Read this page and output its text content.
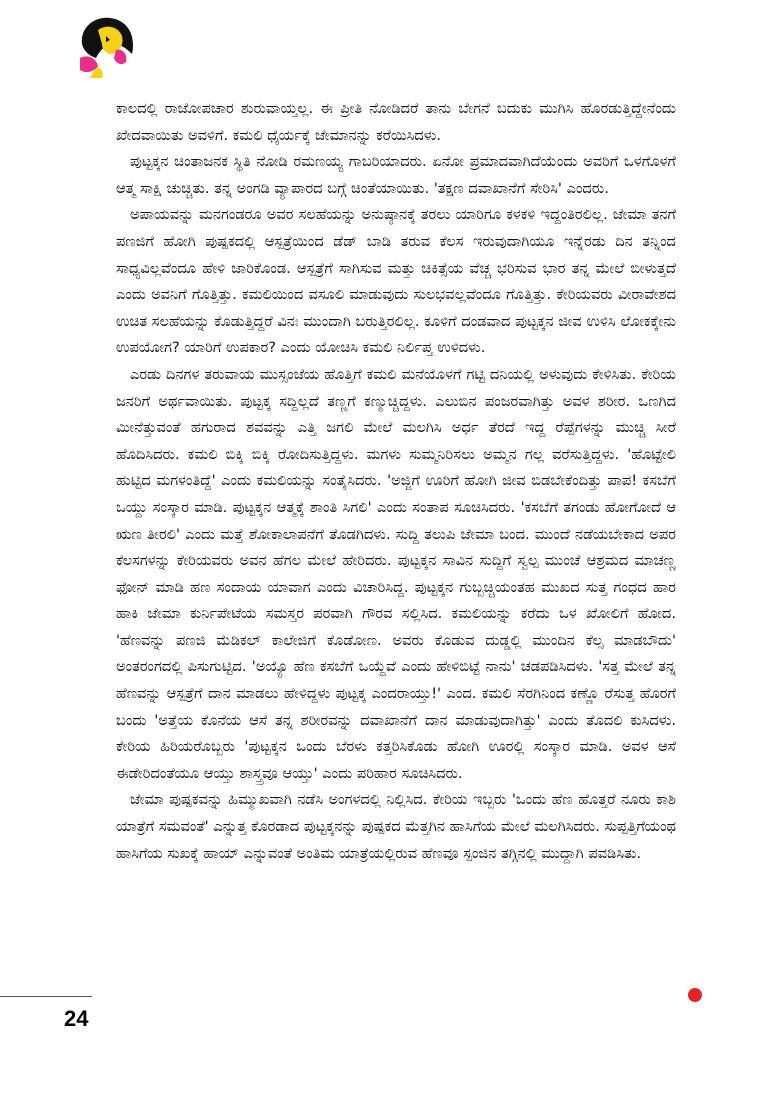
ಕಾಲದಲ್ಲಿ ರಾಜೋಪಚಾರ ಶುರುವಾಯ್ತಲ್ಲ. ಈ ಪ್ರೀತಿ ನೋಡಿದರೆ ತಾನು ಬೇಗನೆ ಬದುಕು ಮುಗಿಸಿ ಹೊರಡುತ್ತಿದ್ದೇನೆಂದು ಖೇದವಾಯಿತು ಅವಳಿಗೆ. ಕಮಲಿ ಧೈರ್ಯಕ್ಕೆ ಜೇಮಾನನ್ನು ಕರೆಯಿಸಿದಳು.

ಪುಟ್ಟಕ್ಕನ ಚಿಂತಾಜನಕ ಸ್ಥಿತಿ ನೋಡಿ ರಮಣಯ್ಯ ಗಾಬರಿಯಾದರು. ಏನೋ ಪ್ರಮಾದವಾಗಿದೆಯೆಂದು ಅವರಿಗೆ ಒಳಗೊಳಗೆ ಆತ್ಮ ಸಾಕ್ಷಿ ಚುಚ್ಚಿತು. ತನ್ನ ಅಂಗಡಿ ವ್ಯಾಪಾರದ ಬಗ್ಗೆ ಚಿಂತೆಯಾಯಿತು. 'ತಕ್ಷಣ ದವಾಖಾನೆಗೆ ಸೇರಿಸಿ' ಎಂದರು.

ಅಪಾಯವನ್ನು ಮನಗಂಡರೂ ಅವರ ಸಲಹೆಯನ್ನು ಅನುಷ್ಠಾನಕ್ಕೆ ತರಲು ಯಾರಿಗೂ ಕಳಕಳಿ ಇದ್ದಂತಿರಲಿಲ್ಲ. ಜೇಮಾ ತನಗೆ ಪಣಜಿಗೆ ಹೋಗಿ ಪುಷ್ಪಕದಲ್ಲಿ ಆಸ್ಪತ್ರೆಯಿಂದ ಡೆಡ್ ಬಾಡಿ ತರುವ ಕೆಲಸ ಇರುವುದಾಗಿಯೂ ಇನ್ನೆರಡು ದಿನ ತನ್ನಿಂದ ಸಾಧ್ಯವಿಲ್ಲವೆಂದೂ ಹೇಳಿ ಜಾರಿಕೊಂಡ. ಆಸ್ಪತ್ರೆಗೆ ಸಾಗಿಸುವ ಮತ್ತು ಚಿಕಿತ್ಸೆಯ ವೆಚ್ಚ ಭರಿಸುವ ಭಾರ ತನ್ನ ಮೇಲೆ ಬೀಳುತ್ತದೆ ಎಂದು ಅವನಿಗೆ ಗೊತ್ತಿತ್ತು. ಕಮಲಿಯಿಂದ ವಸೂಲಿ ಮಾಡುವುದು ಸುಲಭವಲ್ಲವೆಂದೂ ಗೊತ್ತಿತ್ತು. ಕೇರಿಯವರು ವೀರಾವೇಶದ ಉಚಿತ ಸಲಹೆಯನ್ನು ಕೊಡುತ್ತಿದ್ದರೆ ವಿನಃ ಮುಂದಾಗಿ ಬರುತ್ತಿರಲಿಲ್ಲ. ಕೂಳಿಗೆ ದಂಡವಾದ ಪುಟ್ಟಕ್ಕನ ಜೀವ ಉಳಿಸಿ ಲೋಕಕ್ಕೇನು ಉಪಯೋಗ? ಯಾರಿಗೆ ಉಪಕಾರ? ಎಂದು ಯೋಚಿಸಿ ಕಮಲಿ ನಿರ್ಲಿಪ್ತ ಉಳಿದಳು.

ಎರಡು ದಿನಗಳ ತರುವಾಯ ಮುಸ್ಸಂಜೆಯ ಹೊತ್ತಿಗೆ ಕಮಲಿ ಮನೆಯೊಳಗೆ ಗಟ್ಟಿ ದನಿಯಲ್ಲಿ ಅಳುವುದು ಕೇಳಿಸಿತು. ಕೇರಿಯ ಜನರಿಗೆ ಅರ್ಥವಾಯಿತು. ಪುಟ್ಟಕ್ಕ ಸದ್ದಿಲ್ಲದೆ ತಣ್ಣಗೆ ಕಣ್ಮುಚ್ಚಿದ್ದಳು. ಎಲುಬಿನ ಪಂಜರವಾಗಿತ್ತು ಅವಳ ಶರೀರ. ಒಣಗಿದ ಮೀನೆತ್ತುವಂತೆ ಹಗುರಾದ ಶವವನ್ನು ಎತ್ತಿ ಜಗಲಿ ಮೇಲೆ ಮಲಗಿಸಿ ಅರ್ಧ ತೆರದೆ ಇದ್ದ ರೆಪ್ಪೆಗಳನ್ನು ಮುಚ್ಚಿ ಸೀರೆ ಹೊದಿಸಿದರು. ಕಮಲಿ ಬಿಕ್ಕಿ ಬಿಕ್ಕಿ ರೋದಿಸುತ್ತಿದ್ದಳು. ಮಗಳು ಸುಮ್ಮನಿರಿಸಲು ಅಮ್ಮನ ಗಲ್ಲ ವರೆಸುತ್ತಿದ್ದಳು. 'ಹೊಟ್ಟೇಲಿ ಹುಟ್ಟಿದ ಮಗಳಂತಿದ್ದೆ' ಎಂದು ಕಮಲಿಯನ್ನು ಸಂತೈಸಿದರು. 'ಅಜ್ಜಿಗೆ ಊರಿಗೆ ಹೋಗಿ ಜೀವ ಬಿಡಬೇಕೆಂದಿತ್ತು ಪಾಪ! ಕಸಬೆಗೆ ಒಯ್ದು ಸಂಸ್ಕಾರ ಮಾಡಿ. ಪುಟ್ಟಕ್ಕನ ಆತ್ಮಕ್ಕೆ ಶಾಂತಿ ಸಿಗಲಿ' ಎಂದು ಸಂತಾಪ ಸೂಚಿಸಿದರು. 'ಕಸಬೆಗೆ ತಗಂಡು ಹೋಗೋದೆ ಆ ಋಣ ತೀರಲಿ' ಎಂದು ಮತ್ತೆ ಶೋಕಾಲಾಪನೆಗೆ ತೊಡಗಿದಳು. ಸುದ್ದಿ ತಲುಪಿ ಜೇಮಾ ಬಂದ. ಮುಂದೆ ನಡೆಯಬೇಕಾದ ಅಪರ ಕೆಲಸಗಳನ್ನು ಕೇರಿಯವರು ಅವನ ಹೆಗಲ ಮೇಲೆ ಹೇರಿದರು. ಪುಟ್ಟಕ್ಕನ ಸಾವಿನ ಸುದ್ದಿಗೆ ಸ್ವಲ್ಪ ಮುಂಚೆ ಆಶ್ರಮದ ಮಾಚಣ್ಣ ಫೋನ್ ಮಾಡಿ ಹಣ ಸಂದಾಯ ಯಾವಾಗ ಎಂದು ವಿಚಾರಿಸಿದ್ದ. ಪುಟ್ಟಕ್ಕನ ಗುಬ್ಬಚ್ಚಿಯಂತಹ ಮುಖದ ಸುತ್ತ ಗಂಧದ ಹಾರ ಹಾಕಿ ಜೇಮಾ ಕುರ್ನಿಪೇಟೆಯ ಸಮಸ್ತರ ಪರವಾಗಿ ಗೌರವ ಸಲ್ಲಿಸಿದ. ಕಮಲಿಯನ್ನು ಕರೆದು ಒಳ ಖೋಲಿಗೆ ಹೋದ. 'ಹೆಣವನ್ನು ಪಣಜಿ ಮೆಡಿಕಲ್ ಕಾಲೇಜಿಗೆ ಕೊಡೋಣ. ಅವರು ಕೊಡುವ ದುಡ್ಡಲ್ಲಿ ಮುಂದಿನ ಕೆಲ್ಸ ಮಾಡಬೌದು' ಅಂತರಂಗದಲ್ಲಿ ಪಿಸುಗುಟ್ಟಿದ. 'ಅಯ್ಯೊ ಹೆಣ ಕಸಬೆಗೆ ಒಯ್ದೆವೆ ಎಂದು ಹೇಳಿಬಿಟ್ಟೆ ನಾನು' ಚಡಪಡಿಸಿದಳು. 'ಸತ್ತ ಮೇಲೆ ತನ್ನ ಹೆಣವನ್ನು ಆಸ್ಪತ್ರೆಗೆ ದಾನ ಮಾಡಲು ಹೇಳಿದ್ದಳು ಪುಟ್ಟಕ್ಕ ಎಂದರಾಯ್ತು!' ಎಂದ. ಕಮಲಿ ಸೆರಗಿನಿಂದ ಕಣ್ಣೊ ರೆಸುತ್ತ ಹೊರಗೆ ಬಂದು 'ಅತ್ತೆಯ ಕೊನೆಯ ಆಸೆ ತನ್ನ ಶರೀರವನ್ನು ದವಾಖಾನೆಗೆ ದಾನ ಮಾಡುವುದಾಗಿತ್ತು' ಎಂದು ತೊದಲಿ ಕುಸಿದಳು. ಕೇರಿಯ ಹಿರಿಯರೊಬ್ಬರು 'ಪುಟ್ಟಕ್ಕನ ಒಂದು ಬೆರಳು ಕತ್ತರಿಸಿಕೊಡು ಹೋಗಿ ಊರಲ್ಲಿ ಸಂಸ್ಕಾರ ಮಾಡಿ. ಅವಳ ಆಸೆ ಈಡೇರಿದಂತೆಯೂ ಆಯ್ತು ಶಾಸ್ತ್ರವೂ ಆಯ್ತು' ಎಂದು ಪರಿಹಾರ ಸೂಚಿಸಿದರು.

ಜೇಮಾ ಪುಷ್ಪಕವನ್ನು ಹಿಮ್ಮುಖವಾಗಿ ನಡೆಸಿ ಅಂಗಳದಲ್ಲಿ ನಿಲ್ಲಿಸಿದ. ಕೇರಿಯ ಇಬ್ಬರು 'ಒಂದು ಹೆಣ ಹೊತ್ತರೆ ನೂರು ಕಾಶಿ ಯಾತ್ರೆಗೆ ಸಮವಂತೆ' ಎನ್ನುತ್ತ ಕೊರಡಾದ ಪುಟ್ಟಕ್ಕನನ್ನು ಪುಷ್ಪಕದ ಮೆತ್ತಗಿನ ಹಾಸಿಗೆಯ ಮೇಲೆ ಮಲಗಿಸಿದರು. ಸುಪ್ಪತ್ತಿಗೆಯಂಥ ಹಾಸಿಗೆಯ ಸುಖಕ್ಕೆ ಹಾಯ್ ಎನ್ನುವಂತೆ ಅಂತಿಮ ಯಾತ್ರೆಯಲ್ಲಿರುವ ಹೆಣವೂ ಸ್ಪಂಜಿನ ತಗ್ಗಿನಲ್ಲಿ ಮುದ್ದಾಗಿ ಪವಡಿಸಿತು.

24
